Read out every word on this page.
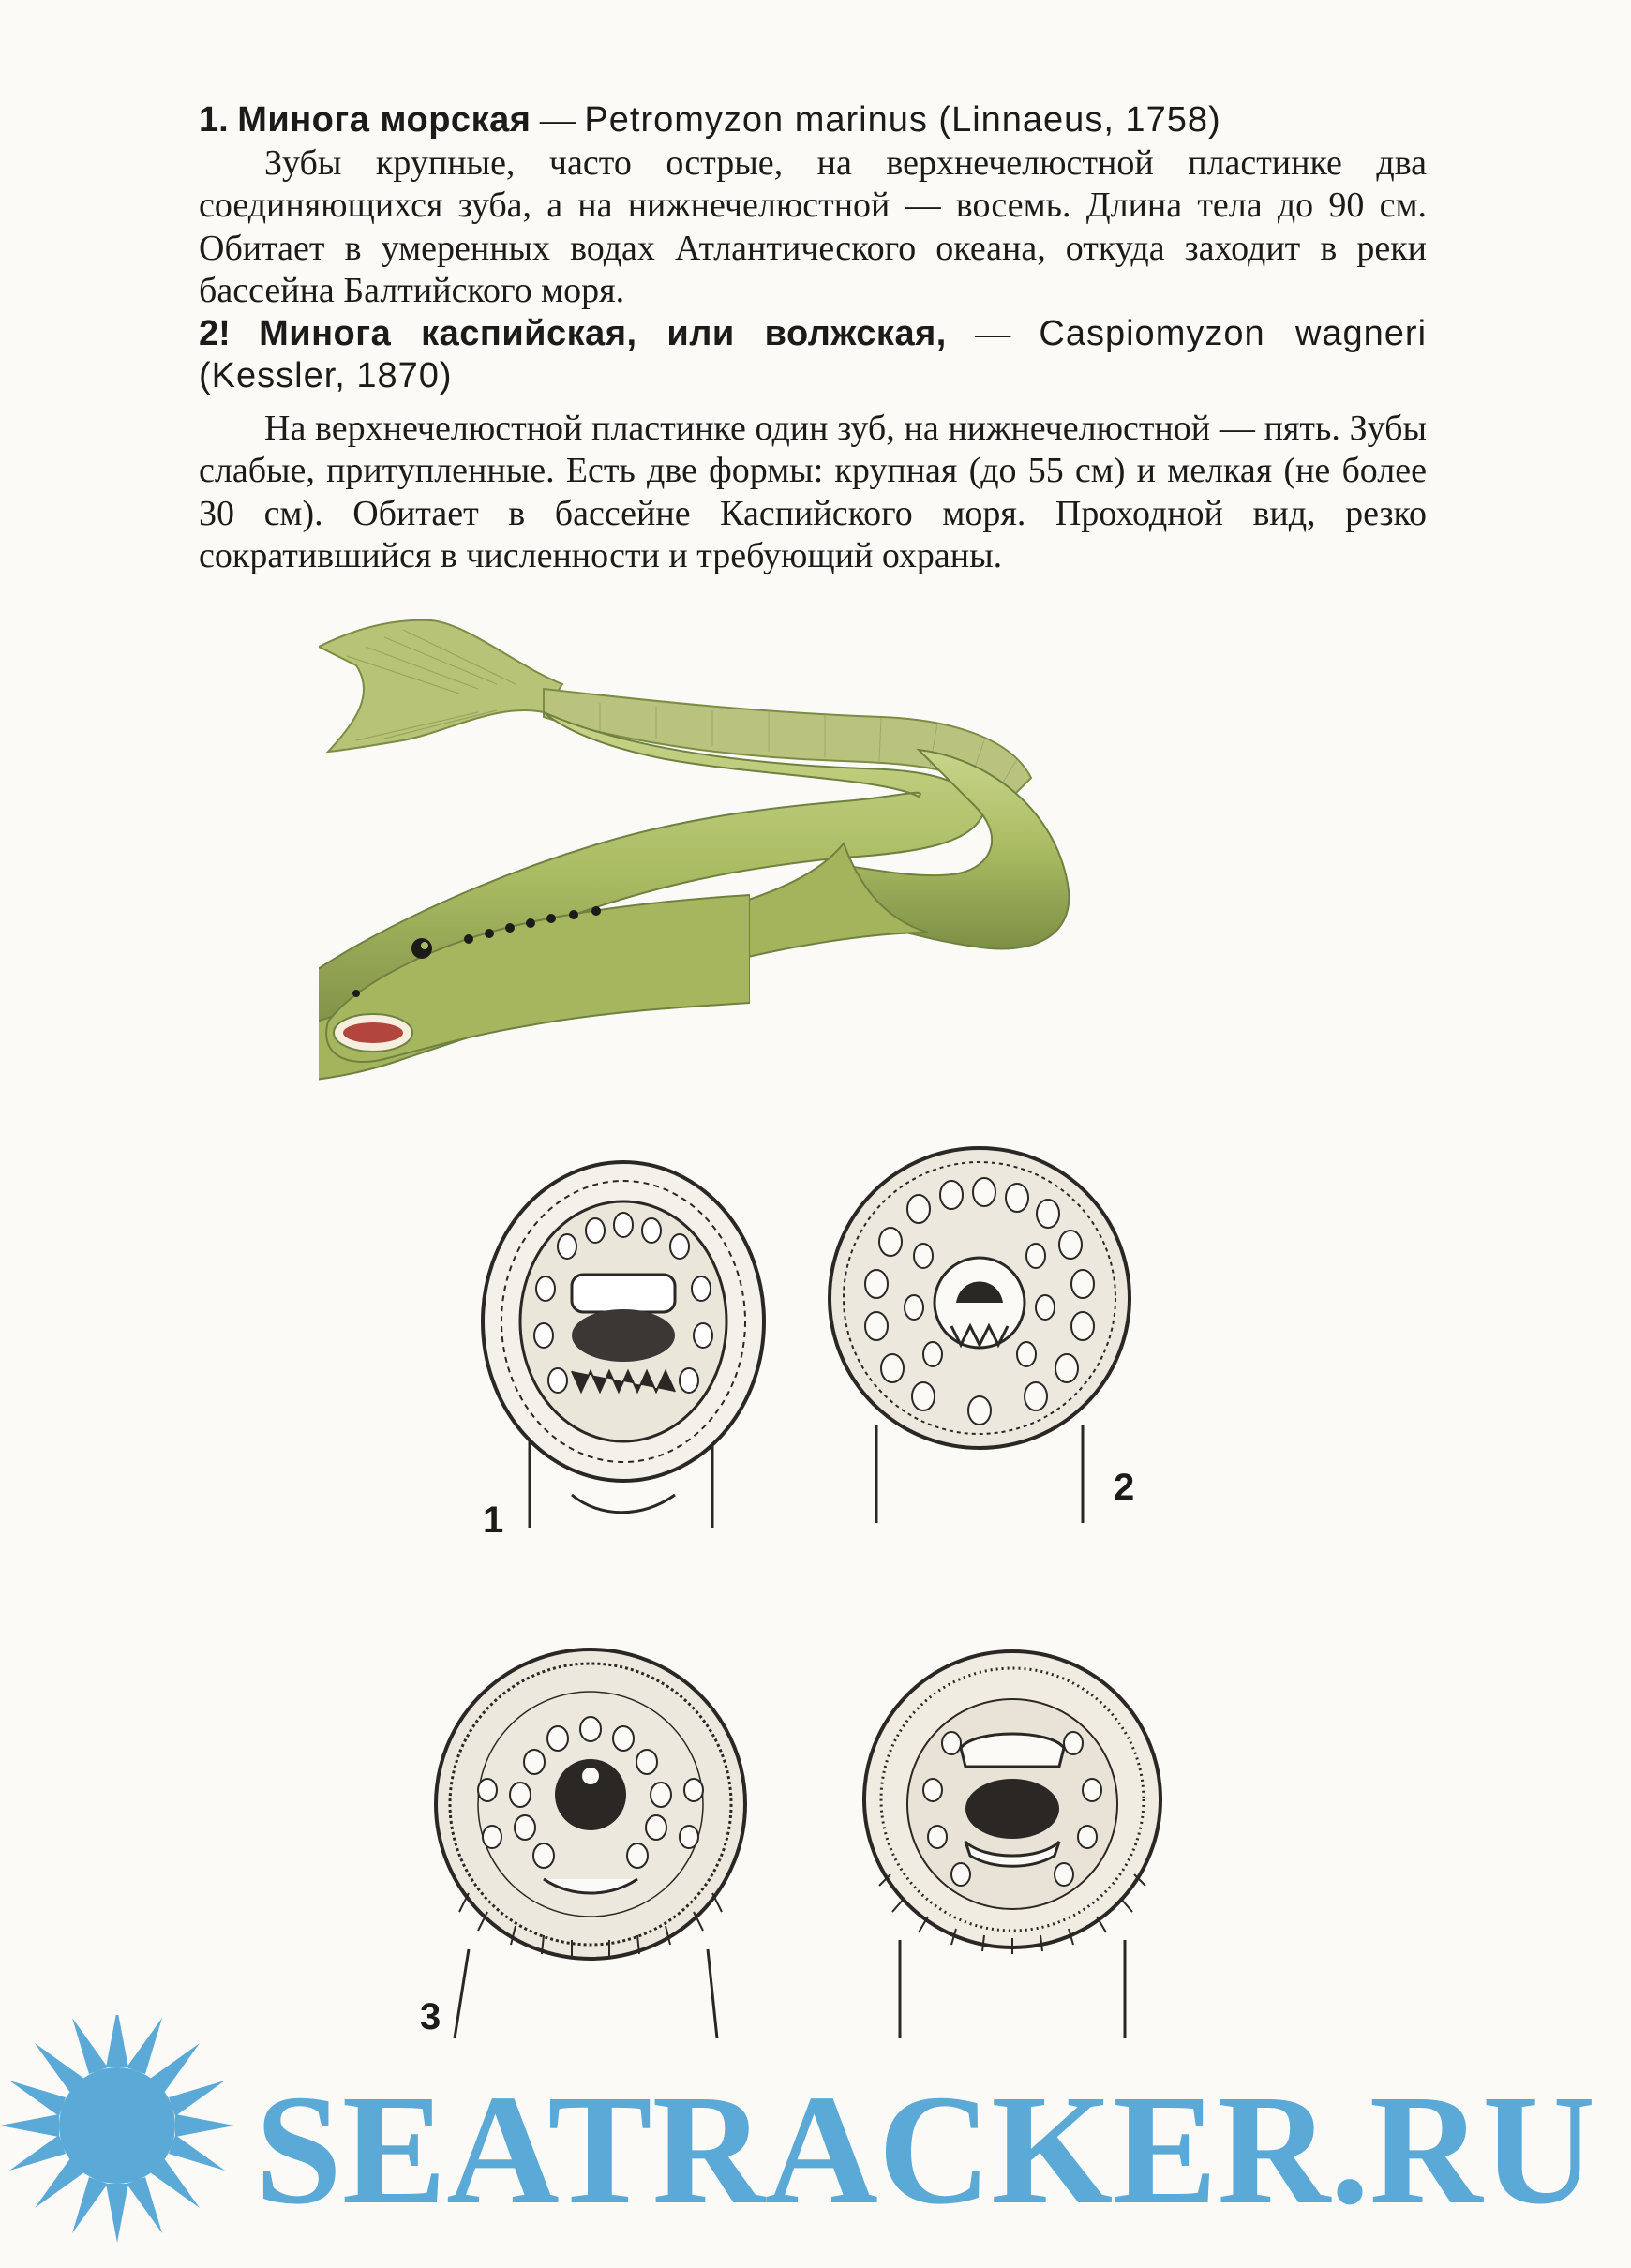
1. Минога морская — Petromyzon marinus (Linnaeus, 1758)

Зубы крупные, часто острые, на верхнечелюстной пластинке два соединяющихся зуба, а на нижнечелюстной — восемь. Длина тела до 90 см. Обитает в умеренных водах Атлантического океана, откуда заходит в реки бассейна Балтийского моря.

2! Минога каспийская, или волжская, — Caspiomyzon wagneri (Kessler, 1870)

На верхнечелюстной пластинке один зуб, на нижнечелюстной — пять. Зубы слабые, притупленные. Есть две формы: крупная (до 55 см) и мелкая (не более 30 см). Обитает в бассейне Каспийского моря. Проходной вид, резко сократившийся в численности и требующий охраны.

1
2
3
SEATRACKER.RU
